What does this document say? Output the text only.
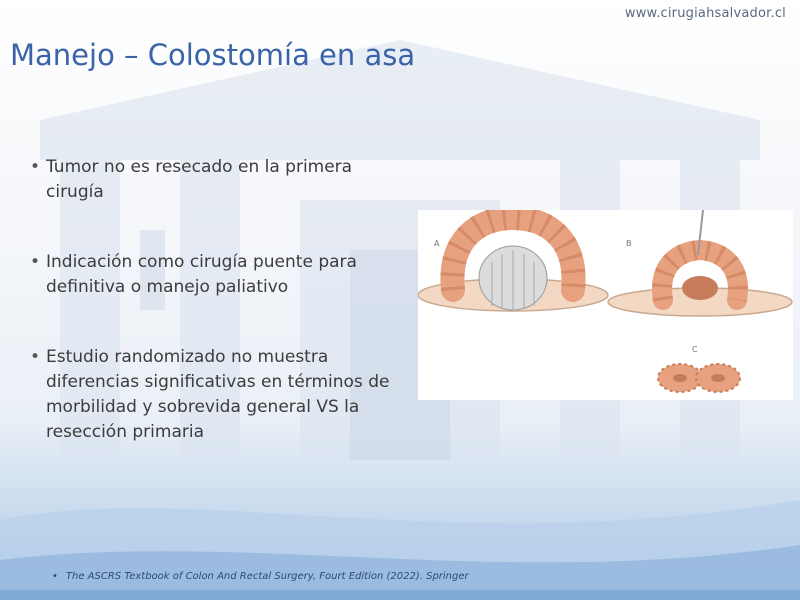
www.cirugiahsalvador.cl
Manejo – Colostomía en asa
• Tumor no es resecado en la primera cirugía
• Indicación como cirugía puente para definitiva o manejo paliativo
• Estudio randomizado no muestra diferencias significativas en términos de morbilidad y sobrevida general VS la resección primaria
A	B
C
• The ASCRS Textbook of Colon And Rectal Surgery, Fourt Edition (2022). Springer
